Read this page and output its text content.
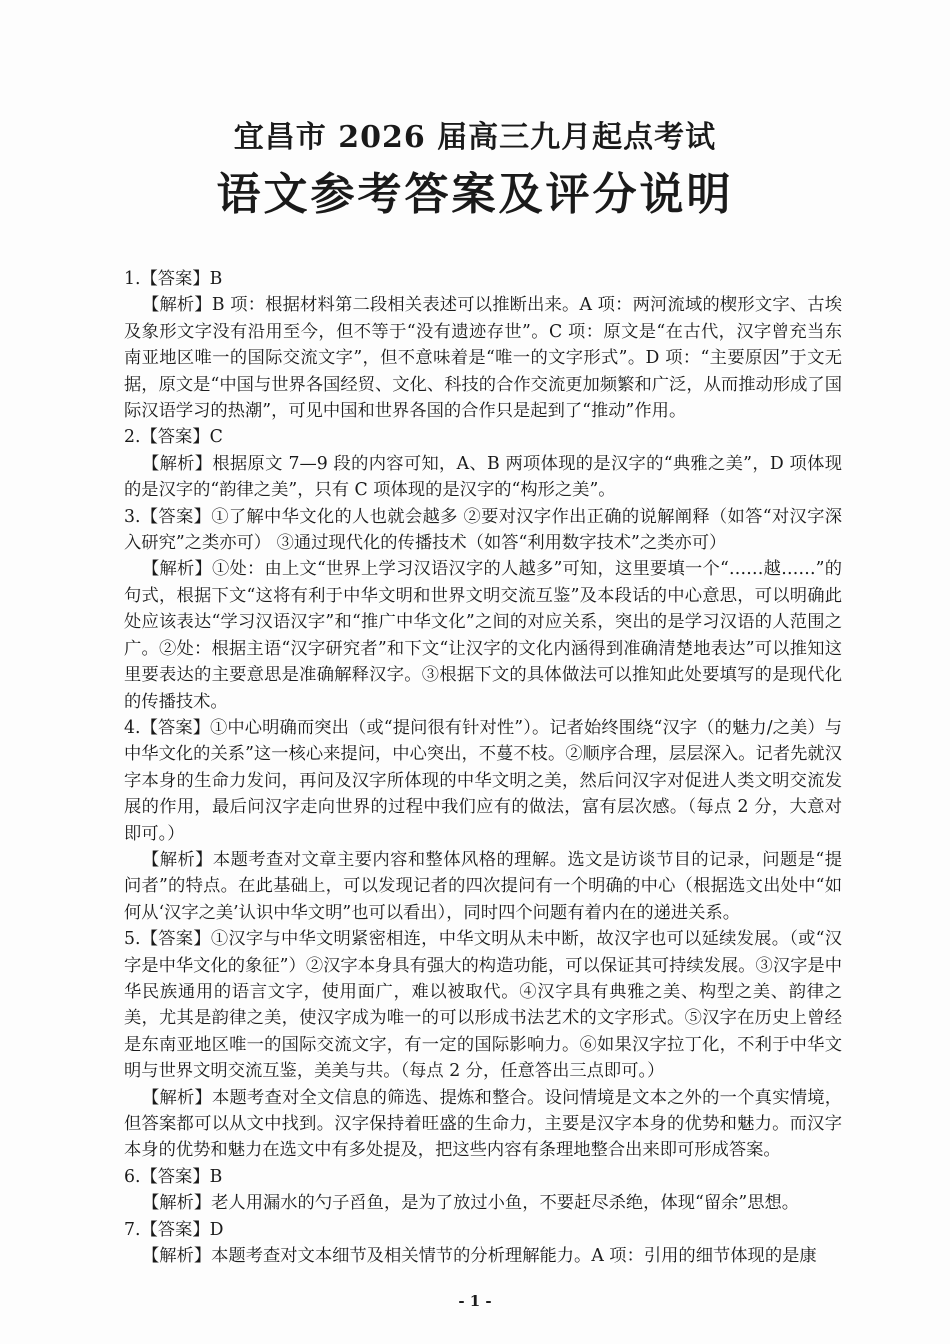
宜昌市 2026 届高三九月起点考试
语文参考答案及评分说明

1.【答案】B

【解析】B 项：根据材料第二段相关表述可以推断出来。A 项：两河流域的楔形文字、古埃及象形文字没有沿用至今，但不等于“没有遗迹存世”。C 项：原文是“在古代，汉字曾充当东南亚地区唯一的国际交流文字”，但不意味着是“唯一的文字形式”。D 项：“主要原因”于文无据，原文是“中国与世界各国经贸、文化、科技的合作交流更加频繁和广泛，从而推动形成了国际汉语学习的热潮”，可见中国和世界各国的合作只是起到了“推动”作用。

2.【答案】C

【解析】根据原文 7—9 段的内容可知，A、B 两项体现的是汉字的“典雅之美”，D 项体现的是汉字的“韵律之美”，只有 C 项体现的是汉字的“构形之美”。

3.【答案】①了解中华文化的人也就会越多 ②要对汉字作出正确的说解阐释（如答“对汉字深入研究”之类亦可） ③通过现代化的传播技术（如答“利用数字技术”之类亦可）

【解析】①处：由上文“世界上学习汉语汉字的人越多”可知，这里要填一个“……越……”的句式，根据下文“这将有利于中华文明和世界文明交流互鉴”及本段话的中心意思，可以明确此处应该表达“学习汉语汉字”和“推广中华文化”之间的对应关系，突出的是学习汉语的人范围之广。②处：根据主语“汉字研究者”和下文“让汉字的文化内涵得到准确清楚地表达”可以推知这里要表达的主要意思是准确解释汉字。③根据下文的具体做法可以推知此处要填写的是现代化的传播技术。

4.【答案】①中心明确而突出（或“提问很有针对性”）。记者始终围绕“汉字（的魅力/之美）与中华文化的关系”这一核心来提问，中心突出，不蔓不枝。②顺序合理，层层深入。记者先就汉字本身的生命力发问，再问及汉字所体现的中华文明之美，然后问汉字对促进人类文明交流发展的作用，最后问汉字走向世界的过程中我们应有的做法，富有层次感。（每点 2 分，大意对即可。）

【解析】本题考查对文章主要内容和整体风格的理解。选文是访谈节目的记录，问题是“提问者”的特点。在此基础上，可以发现记者的四次提问有一个明确的中心（根据选文出处中“如何从‘汉字之美’认识中华文明”也可以看出），同时四个问题有着内在的递进关系。

5.【答案】①汉字与中华文明紧密相连，中华文明从未中断，故汉字也可以延续发展。（或“汉字是中华文化的象征”）②汉字本身具有强大的构造功能，可以保证其可持续发展。③汉字是中华民族通用的语言文字，使用面广，难以被取代。④汉字具有典雅之美、构型之美、韵律之美，尤其是韵律之美，使汉字成为唯一的可以形成书法艺术的文字形式。⑤汉字在历史上曾经是东南亚地区唯一的国际交流文字，有一定的国际影响力。⑥如果汉字拉丁化，不利于中华文明与世界文明交流互鉴，美美与共。（每点 2 分，任意答出三点即可。）

【解析】本题考查对全文信息的筛选、提炼和整合。设问情境是文本之外的一个真实情境，但答案都可以从文中找到。汉字保持着旺盛的生命力，主要是汉字本身的优势和魅力。而汉字本身的优势和魅力在选文中有多处提及，把这些内容有条理地整合出来即可形成答案。

6.【答案】B

【解析】老人用漏水的勺子舀鱼，是为了放过小鱼，不要赶尽杀绝，体现“留余”思想。

7.【答案】D

【解析】本题考查对文本细节及相关情节的分析理解能力。A 项：引用的细节体现的是康

- 1 -
